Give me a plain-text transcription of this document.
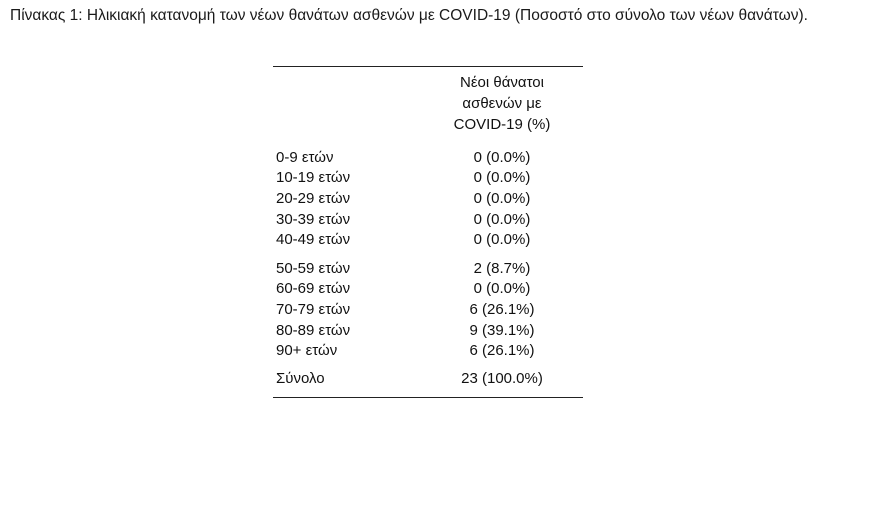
Πίνακας 1: Ηλικιακή κατανομή των νέων θανάτων ασθενών με COVID-19 (Ποσοστό στο σύνολο των νέων θανάτων).
Νέοι θάνατοι
ασθενών με
COVID-19 (%)
0-9 ετών	0 (0.0%)
10-19 ετών	0 (0.0%)
20-29 ετών	0 (0.0%)
30-39 ετών	0 (0.0%)
40-49 ετών	0 (0.0%)
50-59 ετών	2 (8.7%)
60-69 ετών	0 (0.0%)
70-79 ετών	6 (26.1%)
80-89 ετών	9 (39.1%)
90+ ετών	6 (26.1%)
Σύνολο	23 (100.0%)
